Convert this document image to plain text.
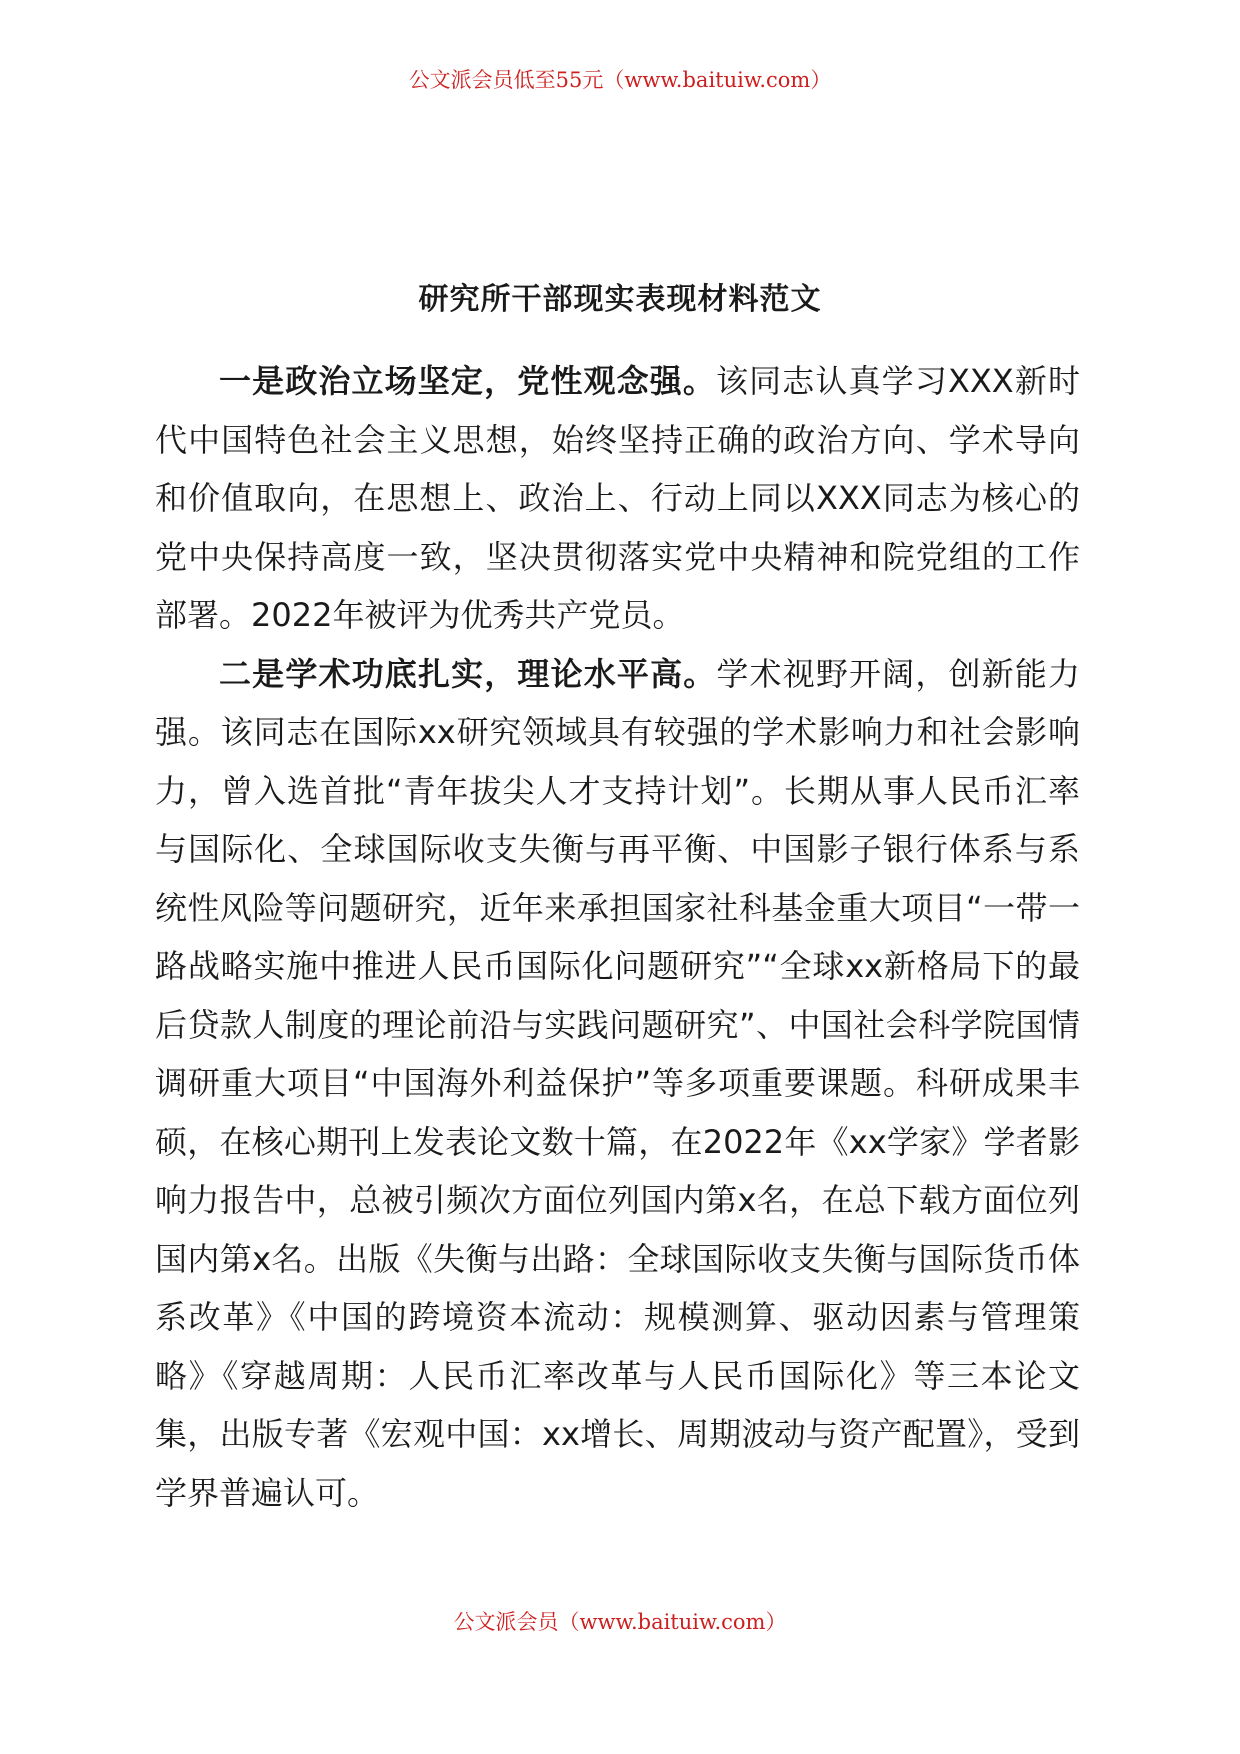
公文派会员低至55元（www.baituiw.com）
研究所干部现实表现材料范文

一是政治立场坚定，党性观念强。该同志认真学习XXX新时代中国特色社会主义思想，始终坚持正确的政治方向、学术导向和价值取向，在思想上、政治上、行动上同以XXX同志为核心的党中央保持高度一致，坚决贯彻落实党中央精神和院党组的工作部署。2022年被评为优秀共产党员。

二是学术功底扎实，理论水平高。学术视野开阔，创新能力强。该同志在国际xx研究领域具有较强的学术影响力和社会影响力，曾入选首批“青年拔尖人才支持计划”。长期从事人民币汇率与国际化、全球国际收支失衡与再平衡、中国影子银行体系与系统性风险等问题研究，近年来承担国家社科基金重大项目“一带一路战略实施中推进人民币国际化问题研究”“全球xx新格局下的最后贷款人制度的理论前沿与实践问题研究”、中国社会科学院国情调研重大项目“中国海外利益保护”等多项重要课题。科研成果丰硕，在核心期刊上发表论文数十篇，在2022年《xx学家》学者影响力报告中，总被引频次方面位列国内第x名，在总下载方面位列国内第x名。出版《失衡与出路：全球国际收支失衡与国际货币体系改革》《中国的跨境资本流动：规模测算、驱动因素与管理策略》《穿越周期：人民币汇率改革与人民币国际化》等三本论文集，出版专著《宏观中国：xx增长、周期波动与资产配置》，受到学界普遍认可。

公文派会员（www.baituiw.com）
